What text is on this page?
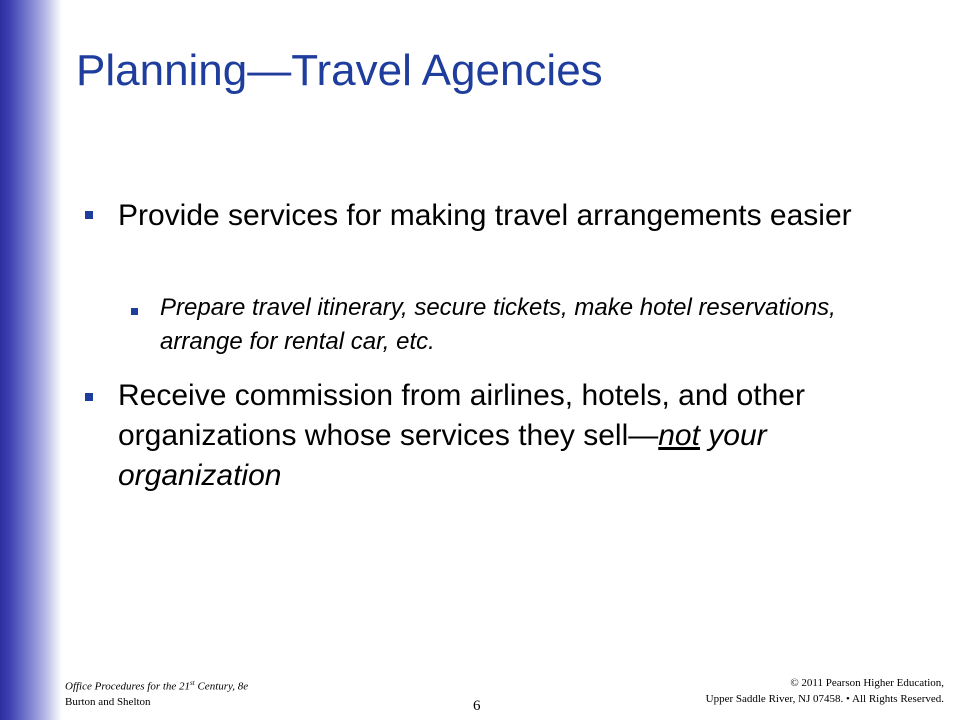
Planning—Travel Agencies
Provide services for making travel arrangements easier
Prepare travel itinerary, secure tickets, make hotel reservations, arrange for rental car, etc.
Receive commission from airlines, hotels, and other organizations whose services they sell—not your organization
Office Procedures for the 21st Century, 8e
Burton and Shelton	6
© 2011 Pearson Higher Education,
Upper Saddle River, NJ 07458. • All Rights Reserved.
